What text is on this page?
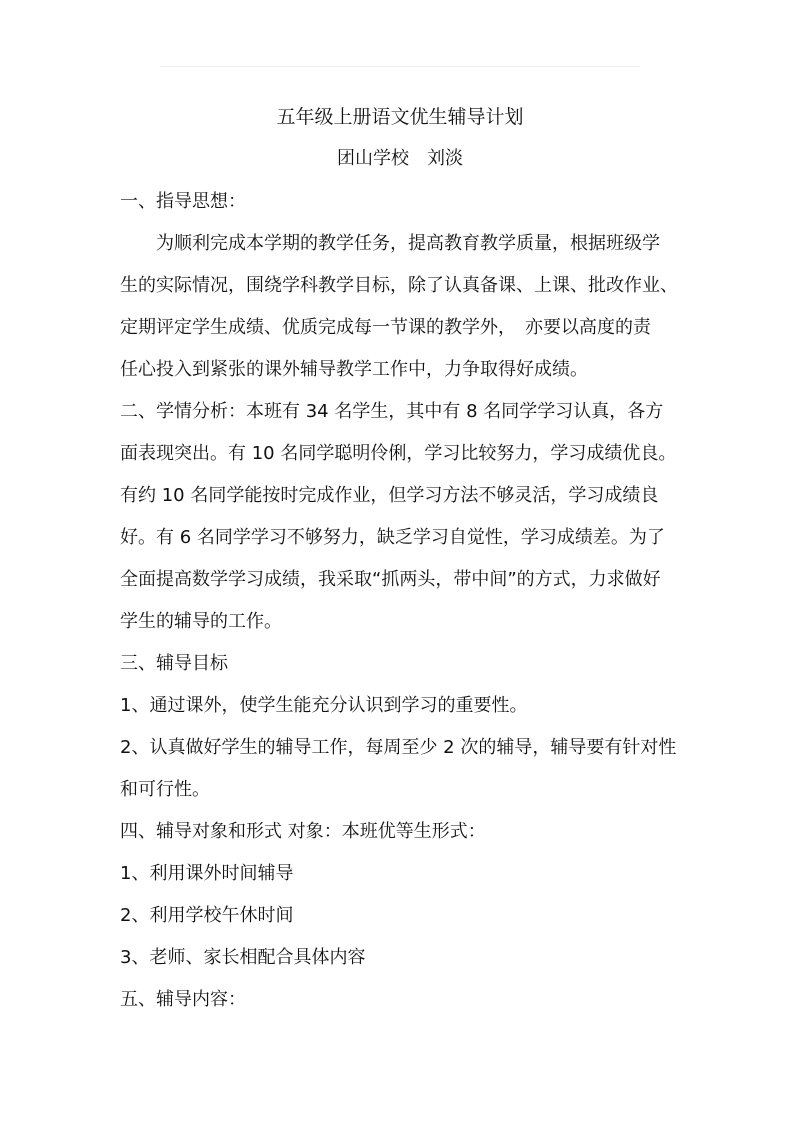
五年级上册语文优生辅导计划
团山学校　刘淡
一、指导思想：
为顺利完成本学期的教学任务，提高教育教学质量，根据班级学
生的实际情况，围绕学科教学目标，除了认真备课、上课、批改作业、
定期评定学生成绩、优质完成每一节课的教学外，　亦要以高度的责
任心投入到紧张的课外辅导教学工作中，力争取得好成绩。
二、学情分析：本班有 34 名学生，其中有 8 名同学学习认真，各方
面表现突出。有 10 名同学聪明伶俐，学习比较努力，学习成绩优良。
有约 10 名同学能按时完成作业，但学习方法不够灵活，学习成绩良
好。有 6 名同学学习不够努力，缺乏学习自觉性，学习成绩差。为了
全面提高数学学习成绩，我采取“抓两头，带中间”的方式，力求做好
学生的辅导的工作。
三、辅导目标
1、通过课外，使学生能充分认识到学习的重要性。
2、认真做好学生的辅导工作，每周至少 2 次的辅导，辅导要有针对性
和可行性。
四、辅导对象和形式 对象：本班优等生形式：
1、利用课外时间辅导
2、利用学校午休时间
3、老师、家长相配合具体内容
五、辅导内容：
